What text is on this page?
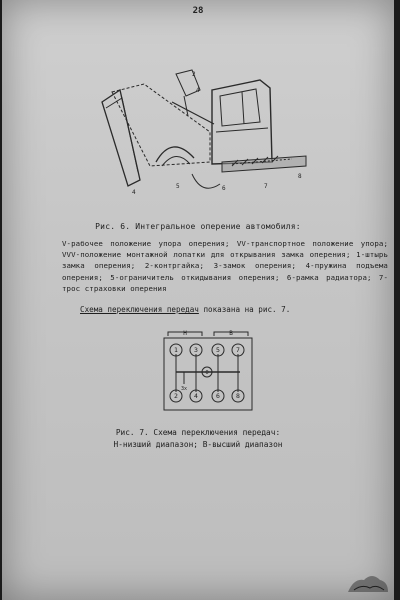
28
2
4
4
5	6	7
8
Рис. 6. Интегральное оперение автомобиля:
V-рабочее положение упора оперения; VV-транспортное положение упора; VVV-положение монтажной лопатки для открывания замка оперения; 1-штырь замка оперения; 2-контргайка; 3-замок оперения; 4-пружина подъема оперения; 5-ограничитель откидывания оперения; 6-рамка радиатора; 7-трос страховки оперения
Схема переключения передач показана на рис. 7.
Н	В
1 3	5 7
2 4	6 8
0
3х
Рис. 7. Схема переключения передач:
Н-низший диапазон; В-высший диапазон
